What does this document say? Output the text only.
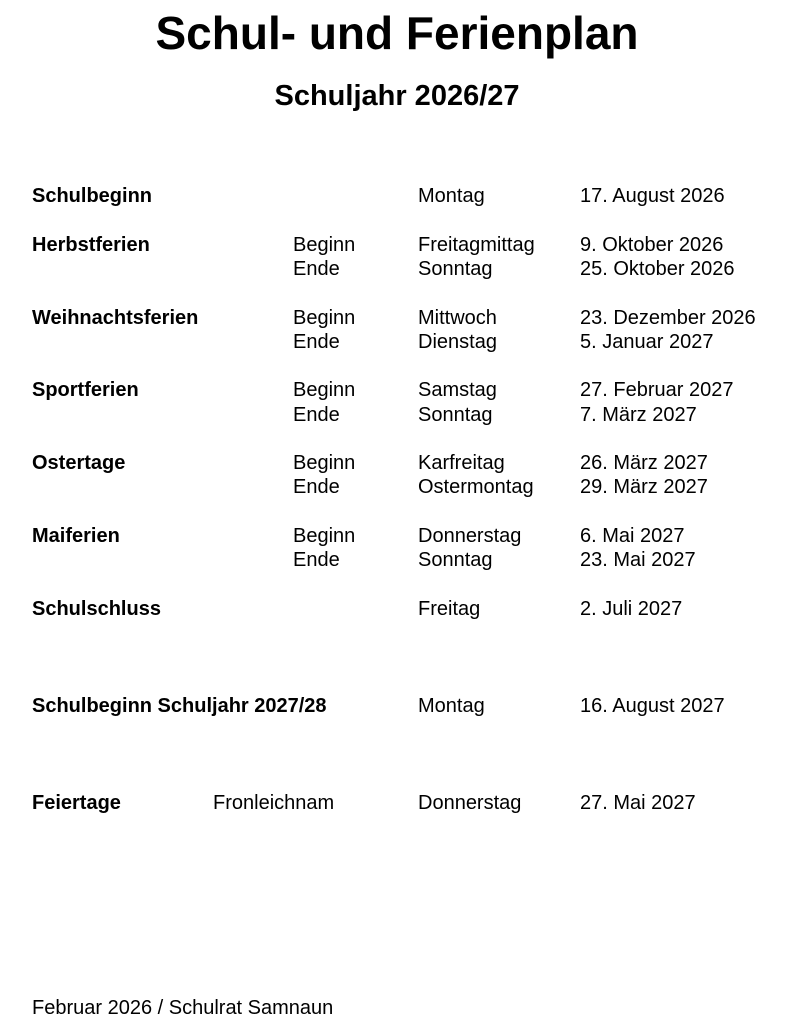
Schul- und Ferienplan
Schuljahr 2026/27
Schulbeginn	Montag	17. August 2026
Herbstferien	Beginn	Freitagmittag 9. Oktober 2026
Ende	Sonntag	25. Oktober 2026
Weihnachtsferien	Beginn	Mittwoch	23. Dezember 2026
Ende	Dienstag	5. Januar 2027
Sportferien	Beginn	Samstag	27. Februar 2027
Ende	Sonntag	7. März 2027
Ostertage	Beginn	Karfreitag	26. März 2027
Ende	Ostermontag 29. März 2027
Maiferien	Beginn	Donnerstag	6. Mai 2027
Ende	Sonntag	23. Mai 2027
Schulschluss	Freitag	2. Juli 2027
Schulbeginn Schuljahr 2027/28	Montag	16. August 2027
Feiertage	Fronleichnam	Donnerstag	27. Mai 2027
Februar 2026 / Schulrat Samnaun
